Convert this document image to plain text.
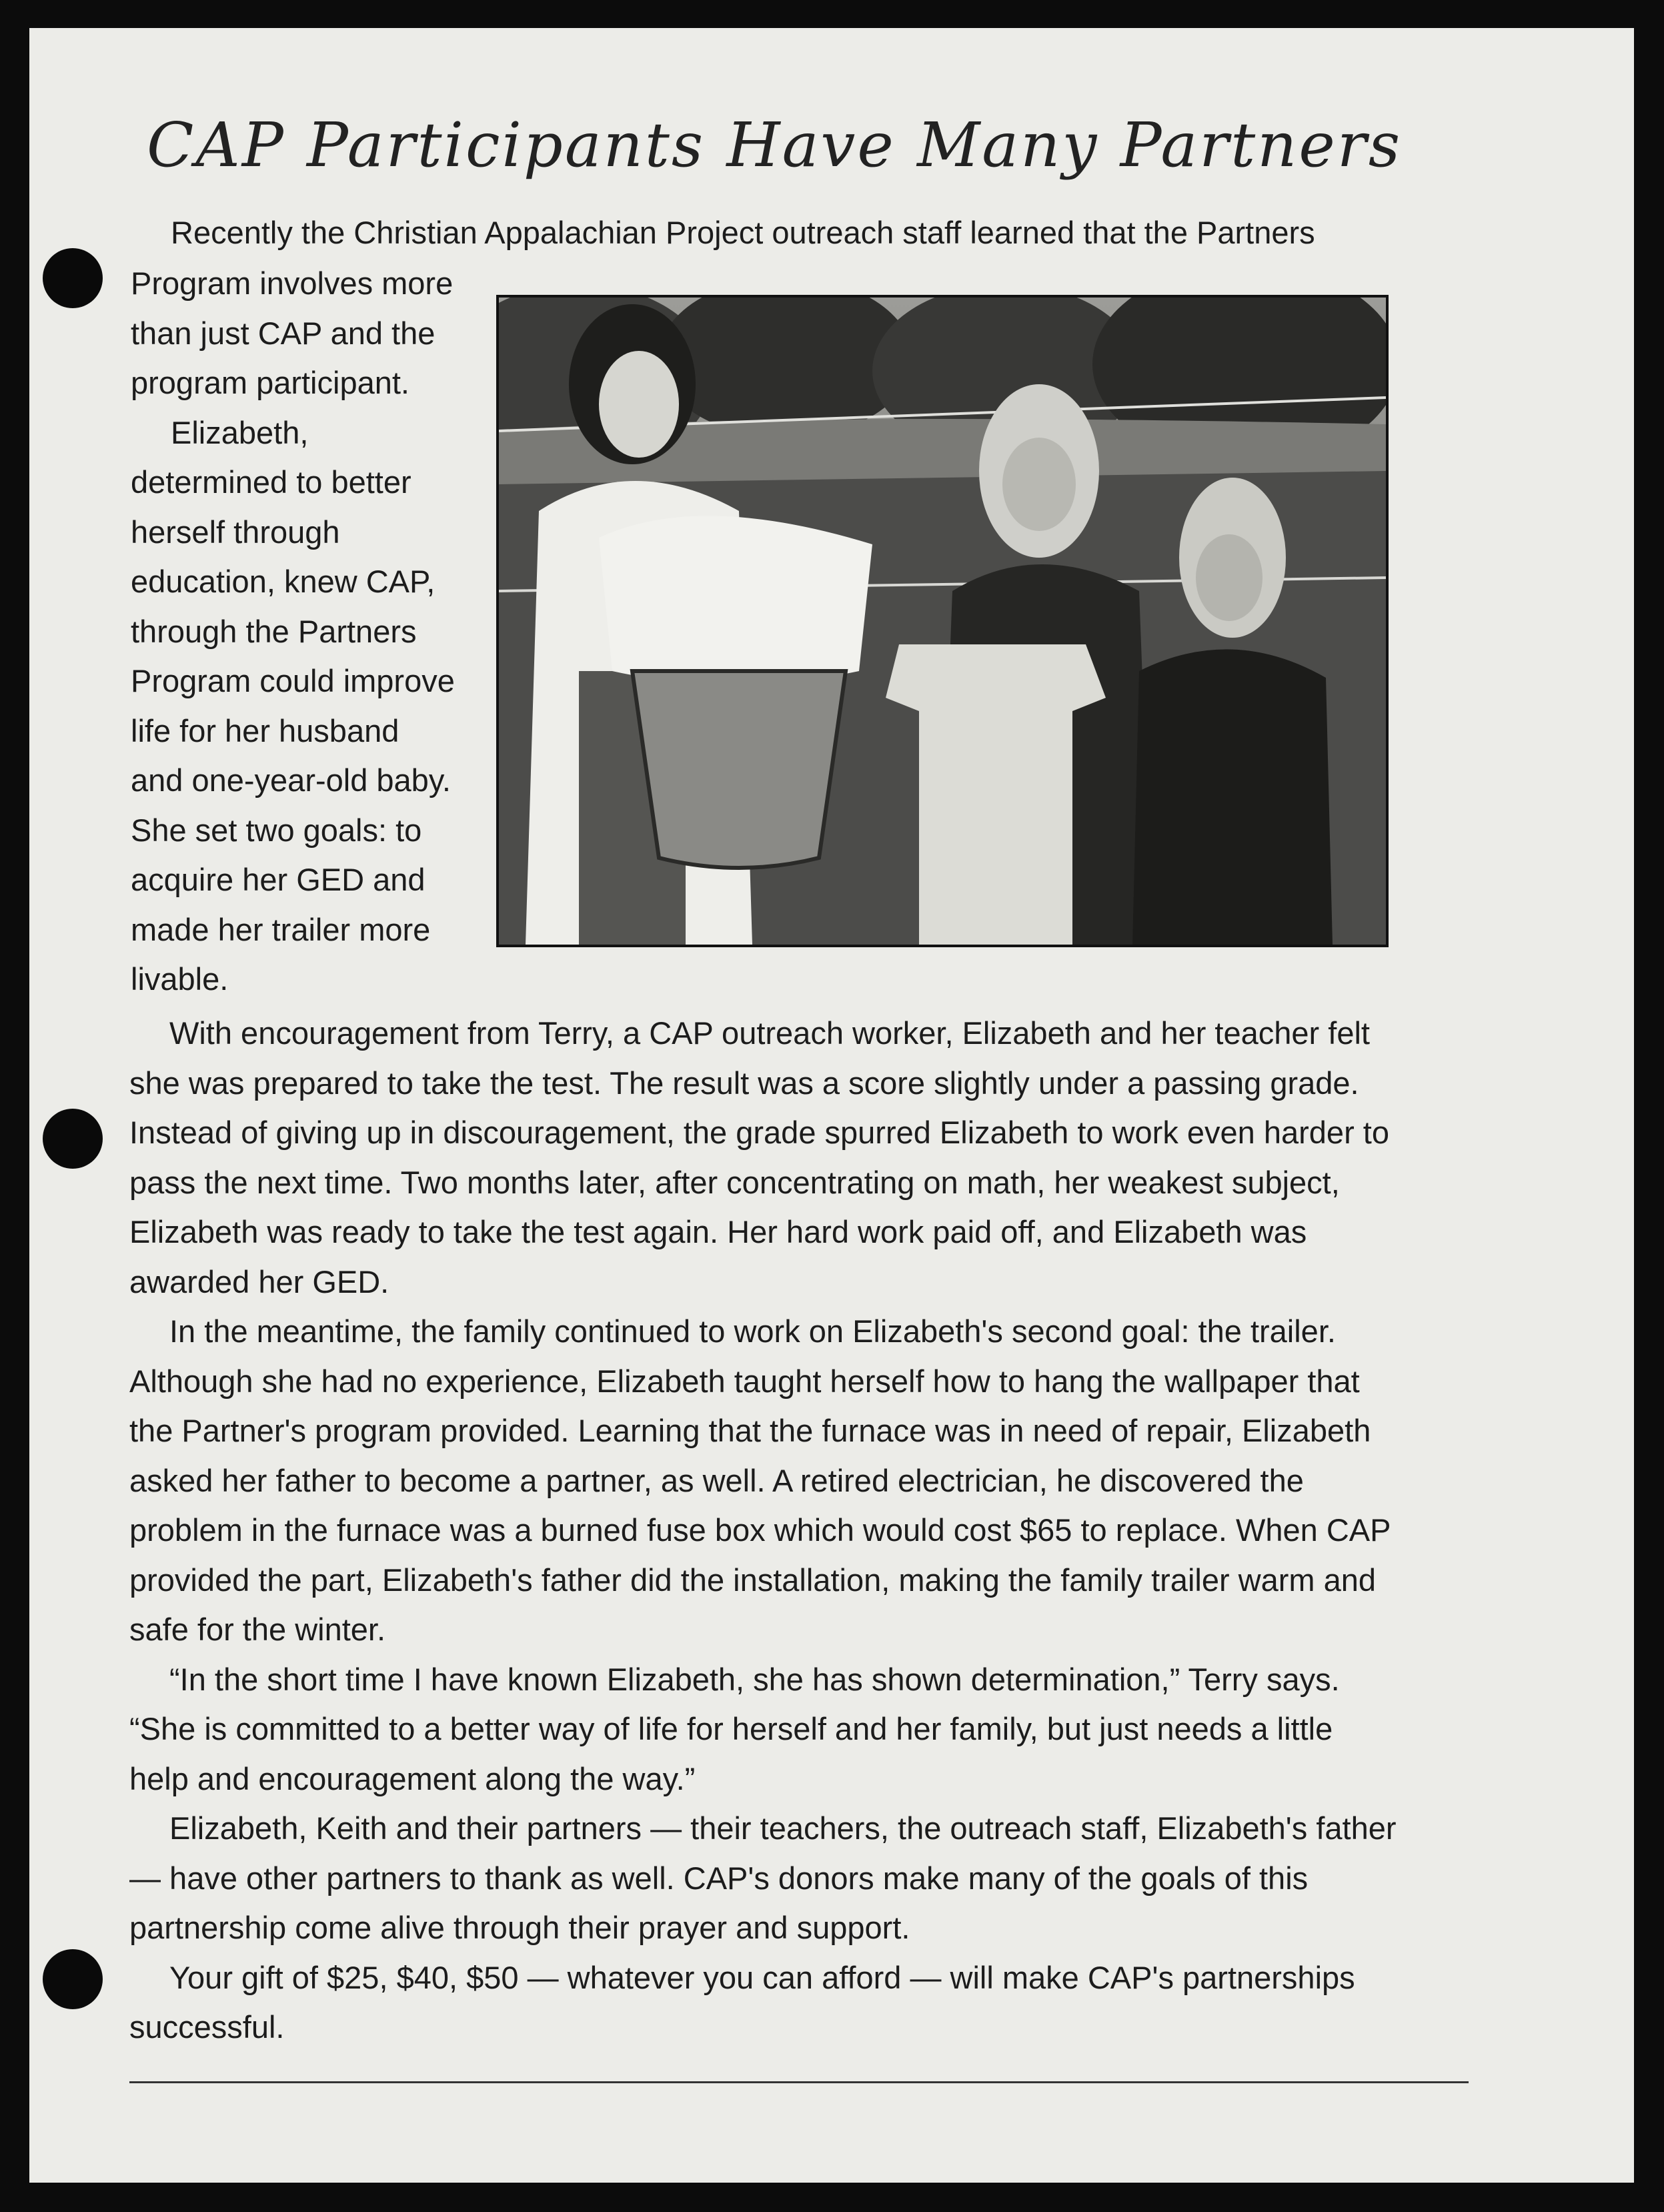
CAP Participants Have Many Partners

Recently the Christian Appalachian Project outreach staff learned that the Partners

Program involves more
than just CAP and the
program participant.
Elizabeth,
determined to better
herself through
education, knew CAP,
through the Partners
Program could improve
life for her husband
and one-year-old baby.
She set two goals: to
acquire her GED and
made her trailer more
livable.

With encouragement from Terry, a CAP outreach worker, Elizabeth and her teacher felt she was prepared to take the test. The result was a score slightly under a passing grade. Instead of giving up in discouragement, the grade spurred Elizabeth to work even harder to pass the next time. Two months later, after concentrating on math, her weakest subject, Elizabeth was ready to take the test again. Her hard work paid off, and Elizabeth was awarded her GED.

In the meantime, the family continued to work on Elizabeth's second goal: the trailer. Although she had no experience, Elizabeth taught herself how to hang the wallpaper that the Partner's program provided. Learning that the furnace was in need of repair, Elizabeth asked her father to become a partner, as well. A retired electrician, he discovered the problem in the furnace was a burned fuse box which would cost $65 to replace. When CAP provided the part, Elizabeth's father did the installation, making the family trailer warm and safe for the winter.

“In the short time I have known Elizabeth, she has shown determination,” Terry says. “She is committed to a better way of life for herself and her family, but just needs a little help and encouragement along the way.”

Elizabeth, Keith and their partners — their teachers, the outreach staff, Elizabeth's father — have other partners to thank as well. CAP's donors make many of the goals of this partnership come alive through their prayer and support.

Your gift of $25, $40, $50 — whatever you can afford — will make CAP's partnerships successful.
